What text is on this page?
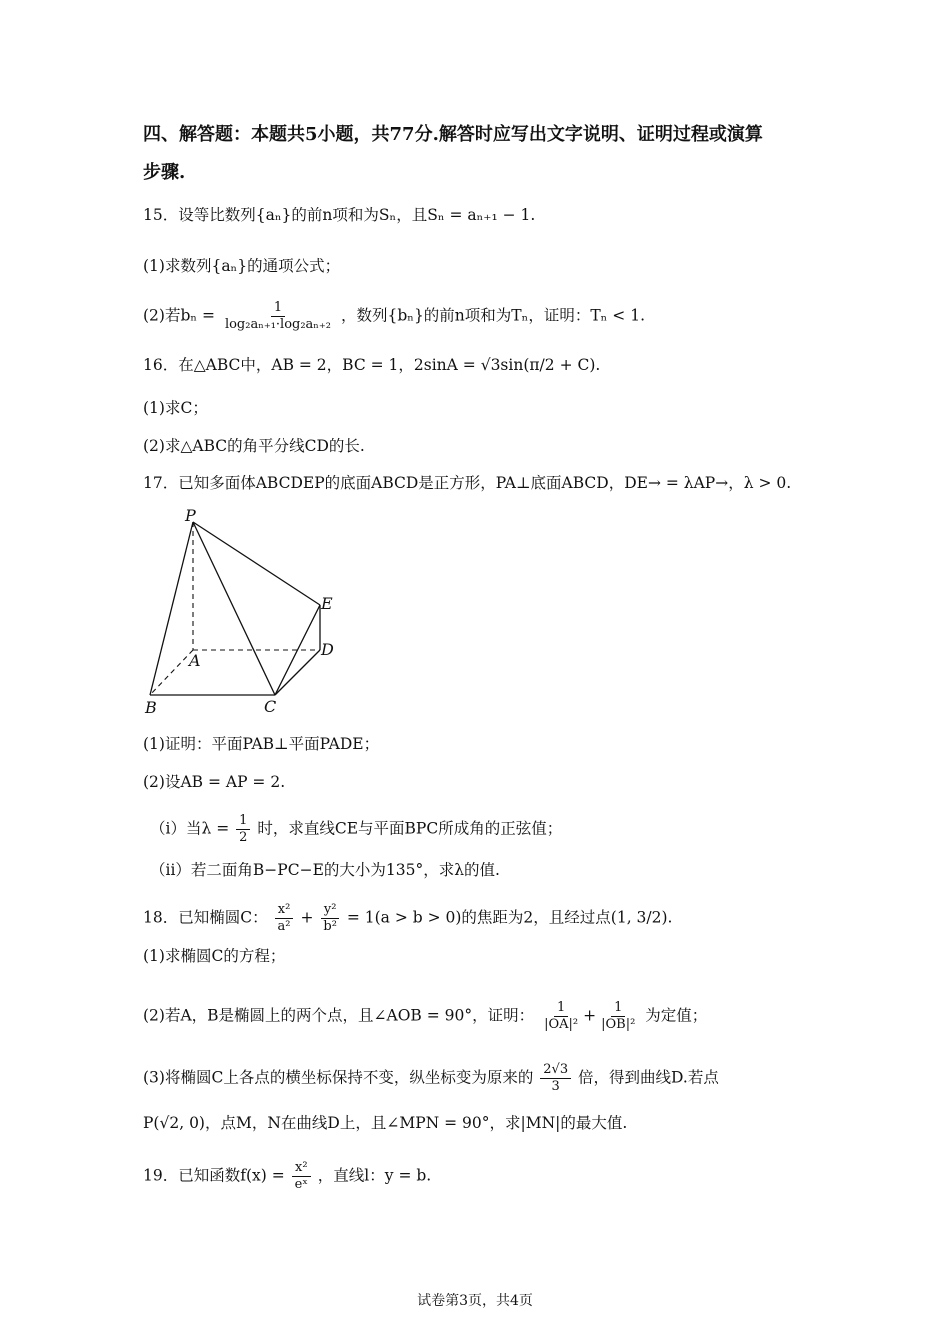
四、解答题：本题共5小题，共77分.解答时应写出文字说明、证明过程或演算
步骤.
15．设等比数列{aₙ}的前n项和为Sₙ，且Sₙ = aₙ₊₁ − 1.
(1)求数列{aₙ}的通项公式；
(2)若$b_n = \frac{1}{\text{log₂aₙ₊₁·log₂aₙ₊₂}}$ ，数列{bₙ}的前n项和为Tₙ，证明：Tₙ < 1.
16．在△ABC中，AB = 2，BC = 1，2sinA = √3sin(π/2 + C).
(1)求C；
(2)求△ABC的角平分线CD的长.
17．已知多面体ABCDEP的底面ABCD是正方形，PA⊥底面ABCD，DE→ = λAP→，λ > 0.
P
E
A
D
B	C
(1)证明：平面PAB⊥平面PADE；
(2)设AB = AP = 2.
（i）当$\lambda = \frac{1}{2}$ 时，求直线CE与平面BPC所成角的正弦值；
（ii）若二面角B−PC−E的大小为135°，求λ的值.
18．已知椭圆C： $\frac{\text{x²}}{\text{a²}} + \frac{\text{y²}}{\text{b²}} = 1(a > b > 0)$的焦距为2，且经过点(1, 3/2).
(1)求椭圆C的方程；
(2)若A，B是椭圆上的两个点，且∠AOB = 90°，证明： $\frac{1}{\text{|OA|²}} + \frac{1}{\text{|OB|²}}$ 为定值；
(3)将椭圆C上各点的横坐标保持不变，纵坐标变为原来的 $\frac{2√3}{3}$ 倍，得到曲线D.若点
P(√2, 0)，点M，N在曲线D上，且∠MPN = 90°，求|MN|的最大值.
19．已知函数$f(x) = \frac{\text{x²}}{\text{eˣ}}$ ，直线l：y = b.
试卷第3页，共4页
